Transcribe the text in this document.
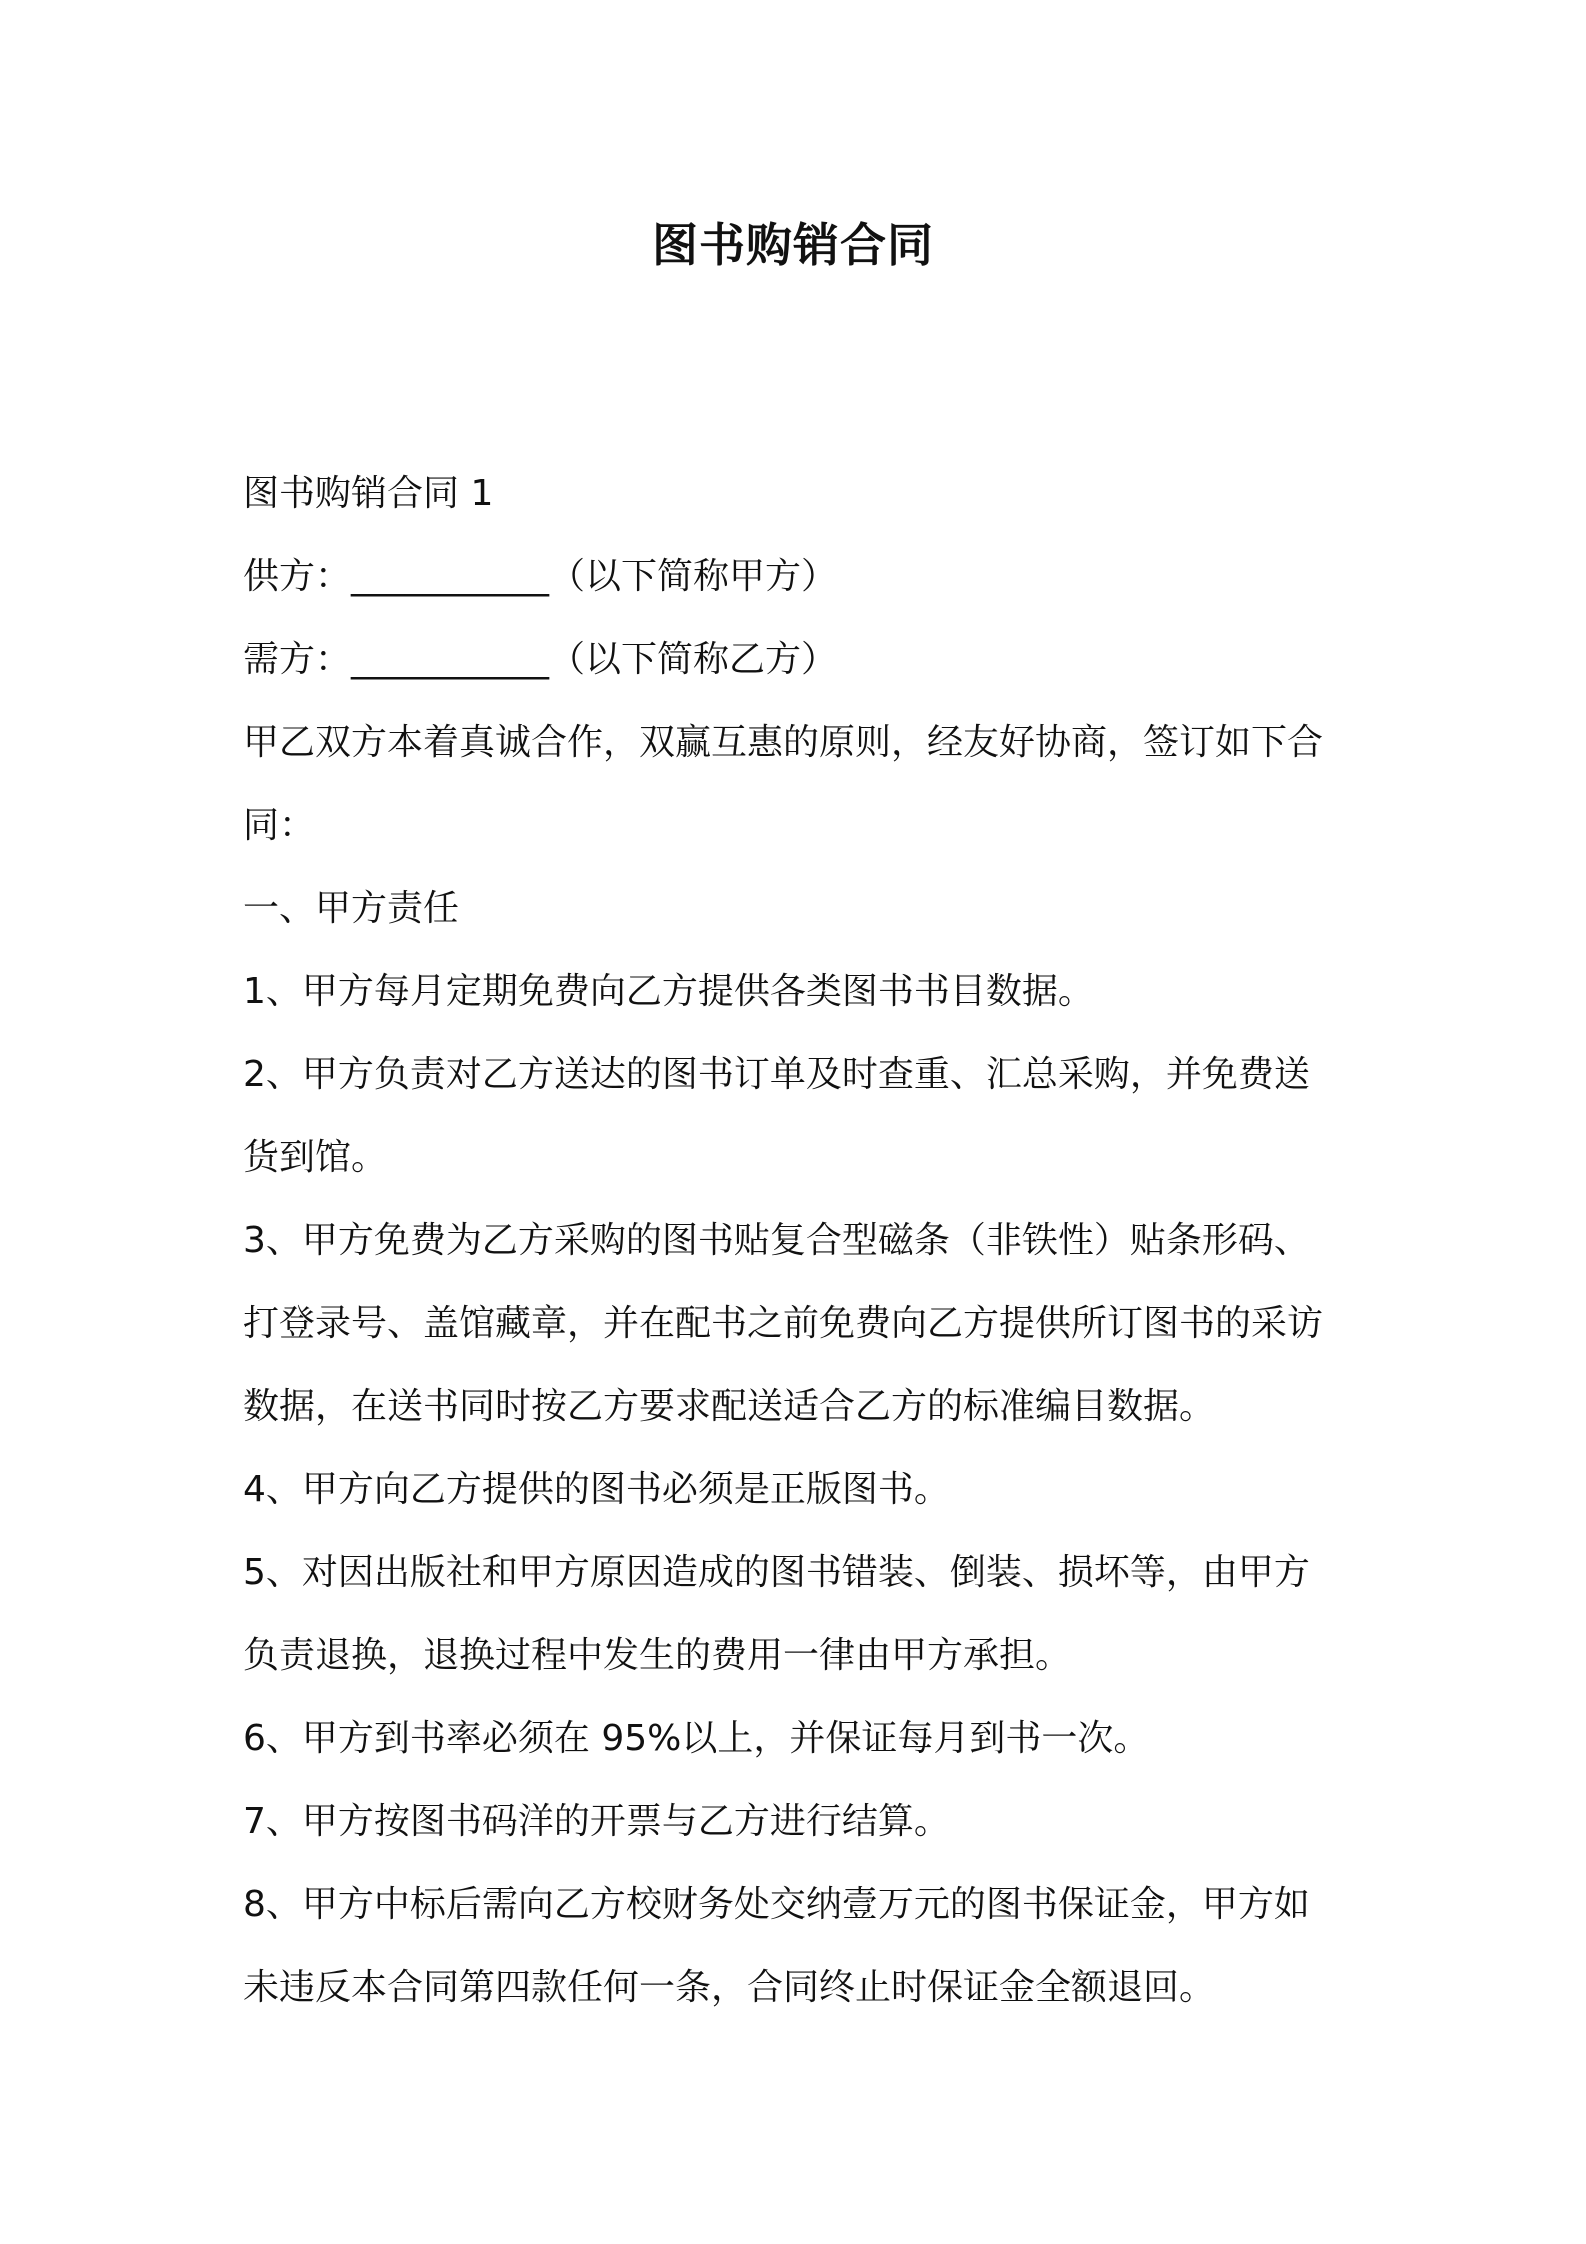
图书购销合同

图书购销合同 1

供方：___________（以下简称甲方）

需方：___________（以下简称乙方）

甲乙双方本着真诚合作，双赢互惠的原则，经友好协商，签订如下合

同：

一、甲方责任

1、甲方每月定期免费向乙方提供各类图书书目数据。

2、甲方负责对乙方送达的图书订单及时查重、汇总采购，并免费送

货到馆。

3、甲方免费为乙方采购的图书贴复合型磁条（非铁性）贴条形码、

打登录号、盖馆藏章，并在配书之前免费向乙方提供所订图书的采访

数据，在送书同时按乙方要求配送适合乙方的标准编目数据。

4、甲方向乙方提供的图书必须是正版图书。

5、对因出版社和甲方原因造成的图书错装、倒装、损坏等，由甲方

负责退换，退换过程中发生的费用一律由甲方承担。

6、甲方到书率必须在 95%以上，并保证每月到书一次。

7、甲方按图书码洋的开票与乙方进行结算。

8、甲方中标后需向乙方校财务处交纳壹万元的图书保证金，甲方如

未违反本合同第四款任何一条，合同终止时保证金全额退回。
